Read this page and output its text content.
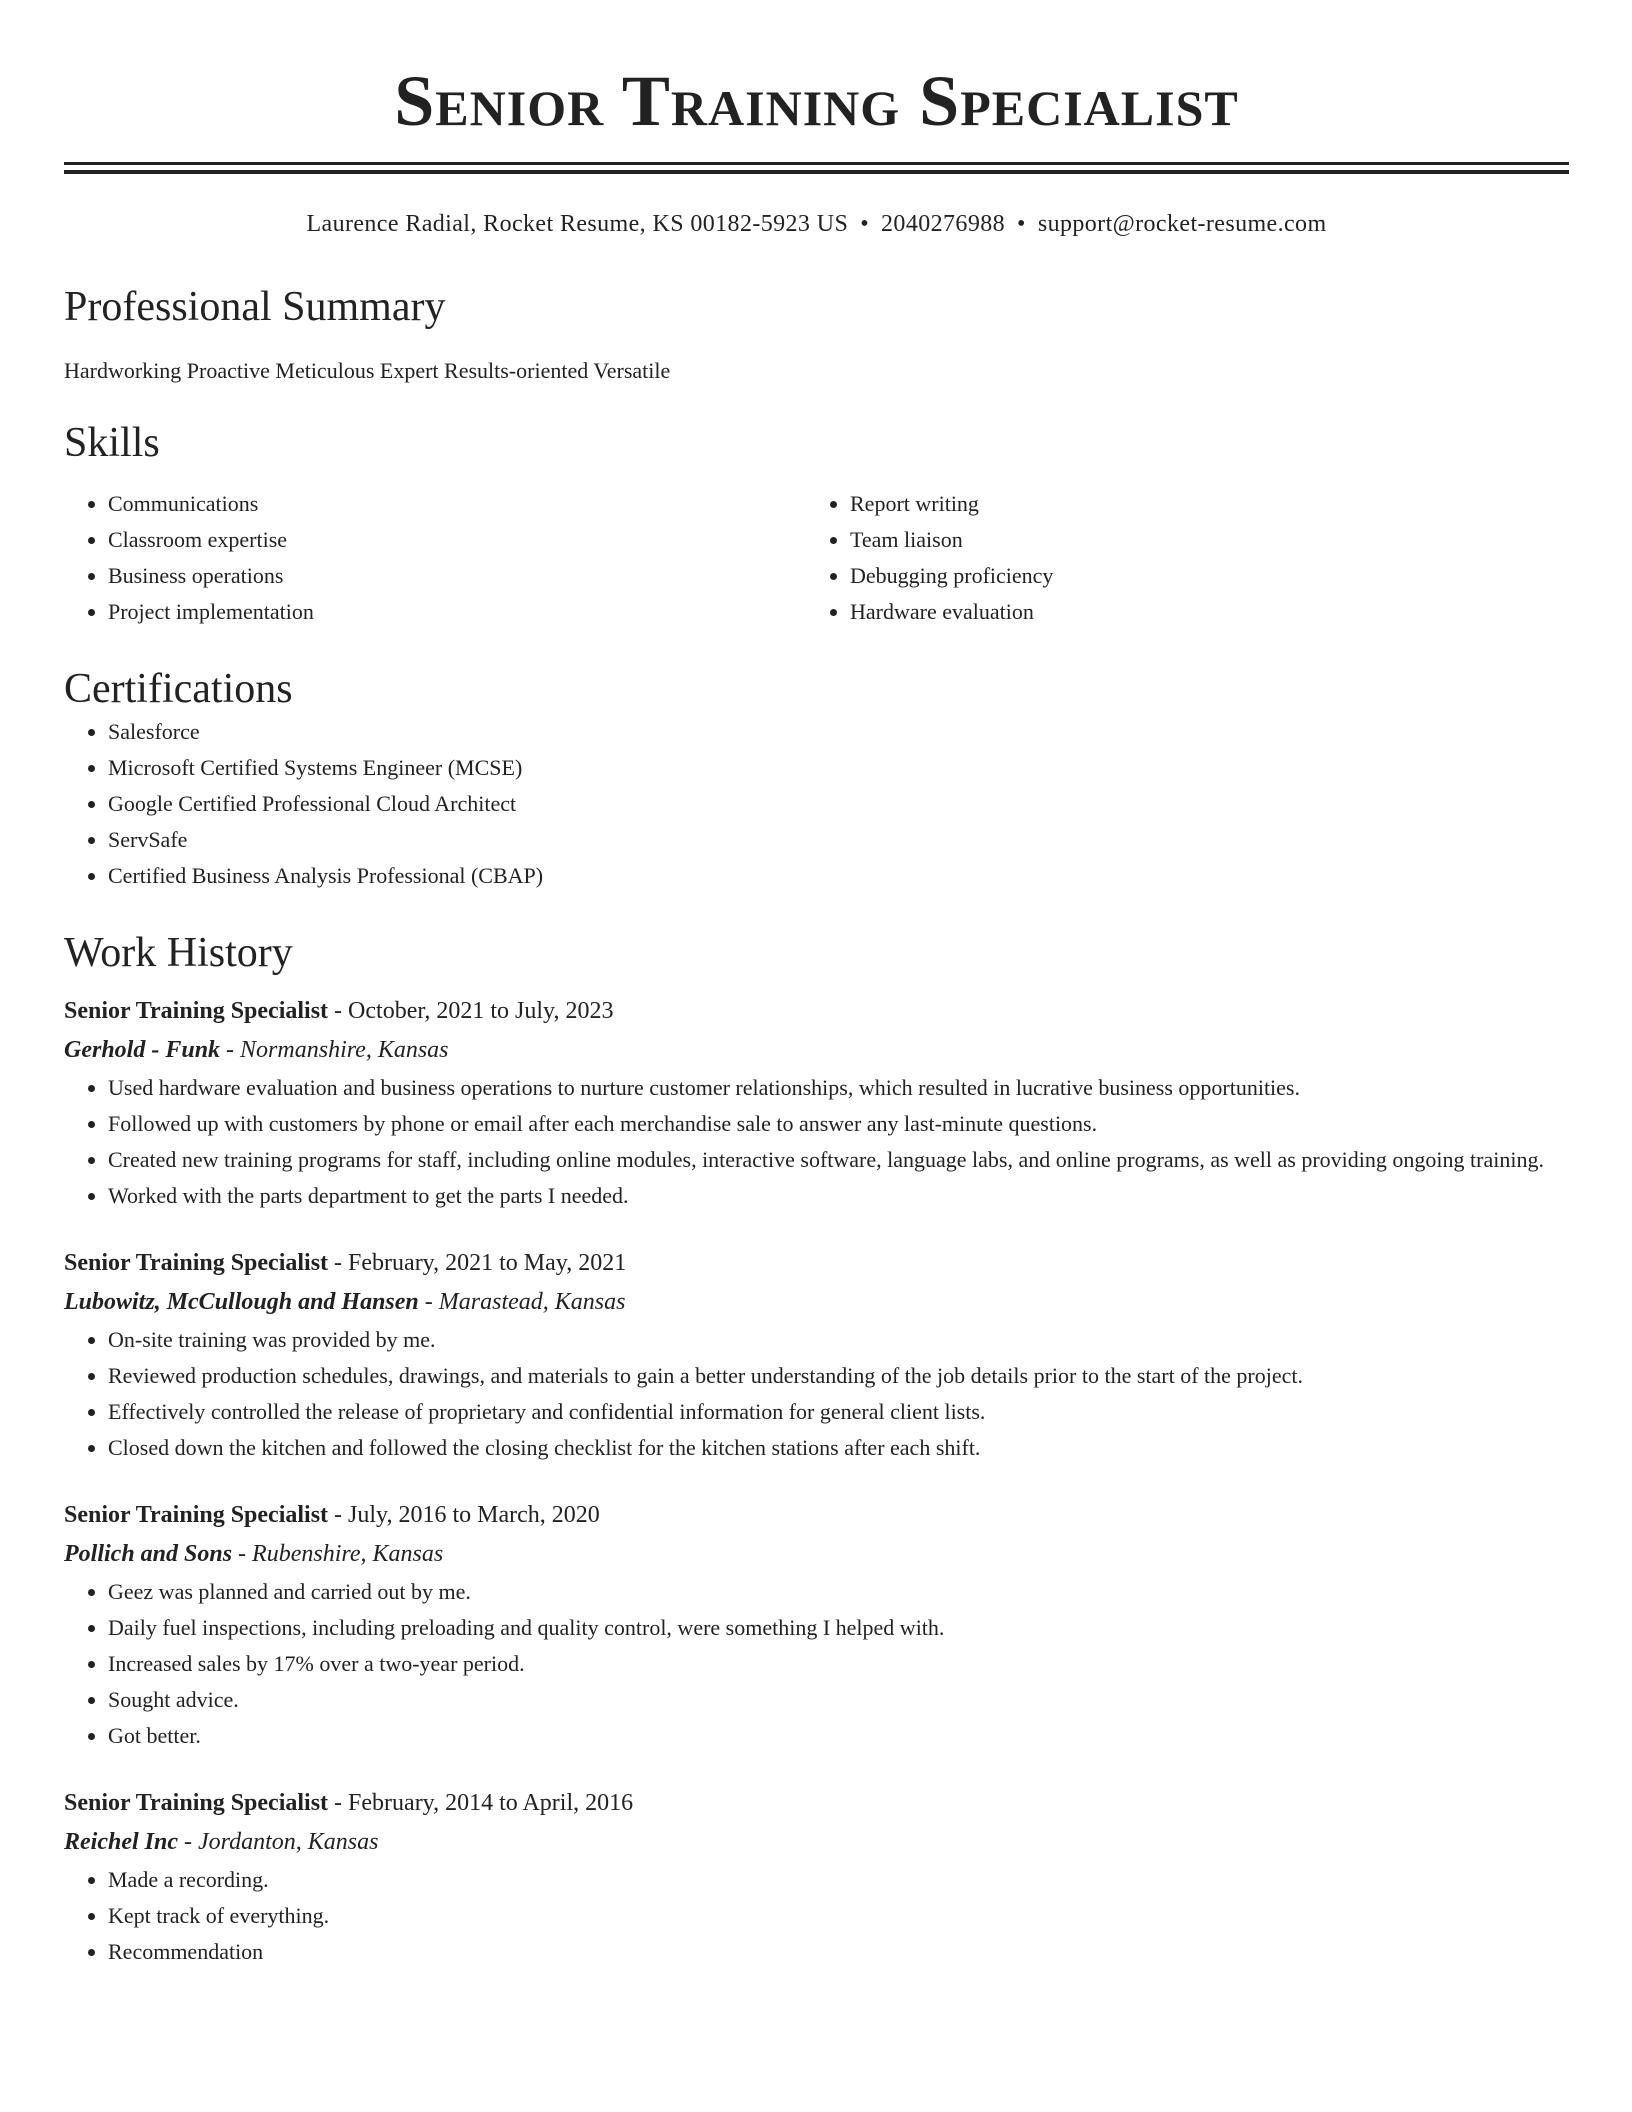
Senior Training Specialist
Laurence Radial, Rocket Resume, KS 00182-5923 US • 2040276988 • support@rocket-resume.com
Professional Summary
Hardworking Proactive Meticulous Expert Results-oriented Versatile
Skills
• Communications
• Classroom expertise
• Business operations
• Project implementation
• Report writing
• Team liaison
• Debugging proficiency
• Hardware evaluation
Certifications
• Salesforce
• Microsoft Certified Systems Engineer (MCSE)
• Google Certified Professional Cloud Architect
• ServSafe
• Certified Business Analysis Professional (CBAP)
Work History
Senior Training Specialist - October, 2021 to July, 2023
Gerhold - Funk - Normanshire, Kansas
• Used hardware evaluation and business operations to nurture customer relationships, which resulted in lucrative business opportunities.
• Followed up with customers by phone or email after each merchandise sale to answer any last-minute questions.
• Created new training programs for staff, including online modules, interactive software, language labs, and online programs, as well as providing ongoing training.
• Worked with the parts department to get the parts I needed.
Senior Training Specialist - February, 2021 to May, 2021
Lubowitz, McCullough and Hansen - Marastead, Kansas
• On-site training was provided by me.
• Reviewed production schedules, drawings, and materials to gain a better understanding of the job details prior to the start of the project.
• Effectively controlled the release of proprietary and confidential information for general client lists.
• Closed down the kitchen and followed the closing checklist for the kitchen stations after each shift.
Senior Training Specialist - July, 2016 to March, 2020
Pollich and Sons - Rubenshire, Kansas
• Geez was planned and carried out by me.
• Daily fuel inspections, including preloading and quality control, were something I helped with.
• Increased sales by 17% over a two-year period.
• Sought advice.
• Got better.
Senior Training Specialist - February, 2014 to April, 2016
Reichel Inc - Jordanton, Kansas
• Made a recording.
• Kept track of everything.
• Recommendation
